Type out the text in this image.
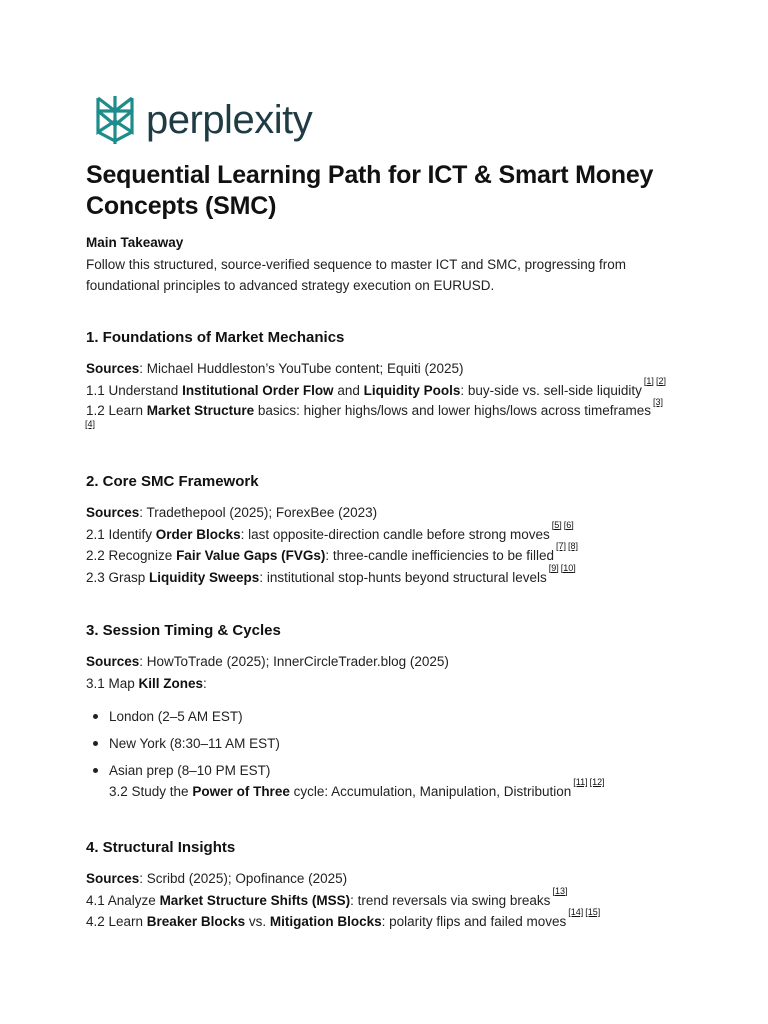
perplexity
Sequential Learning Path for ICT & Smart Money Concepts (SMC)
Main Takeaway
Follow this structured, source-verified sequence to master ICT and SMC, progressing from
foundational principles to advanced strategy execution on EURUSD.
1. Foundations of Market Mechanics
Sources: Michael Huddleston’s YouTube content; Equiti (2025)
1.1 Understand Institutional Order Flow and Liquidity Pools: buy-side vs. sell-side liquidity[1] [2]
1.2 Learn Market Structure basics: higher highs/lows and lower highs/lows across timeframes[3]
[4]
2. Core SMC Framework
Sources: Tradethepool (2025); ForexBee (2023)
2.1 Identify Order Blocks: last opposite-direction candle before strong moves[5] [6]
2.2 Recognize Fair Value Gaps (FVGs): three-candle inefficiencies to be filled[7] [8]
2.3 Grasp Liquidity Sweeps: institutional stop-hunts beyond structural levels[9] [10]
3. Session Timing & Cycles
Sources: HowToTrade (2025); InnerCircleTrader.blog (2025)
3.1 Map Kill Zones:
London (2–5 AM EST)
New York (8:30–11 AM EST)
Asian prep (8–10 PM EST)
3.2 Study the Power of Three cycle: Accumulation, Manipulation, Distribution[11] [12]
4. Structural Insights
Sources: Scribd (2025); Opofinance (2025)
4.1 Analyze Market Structure Shifts (MSS): trend reversals via swing breaks[13]
4.2 Learn Breaker Blocks vs. Mitigation Blocks: polarity flips and failed moves[14] [15]
